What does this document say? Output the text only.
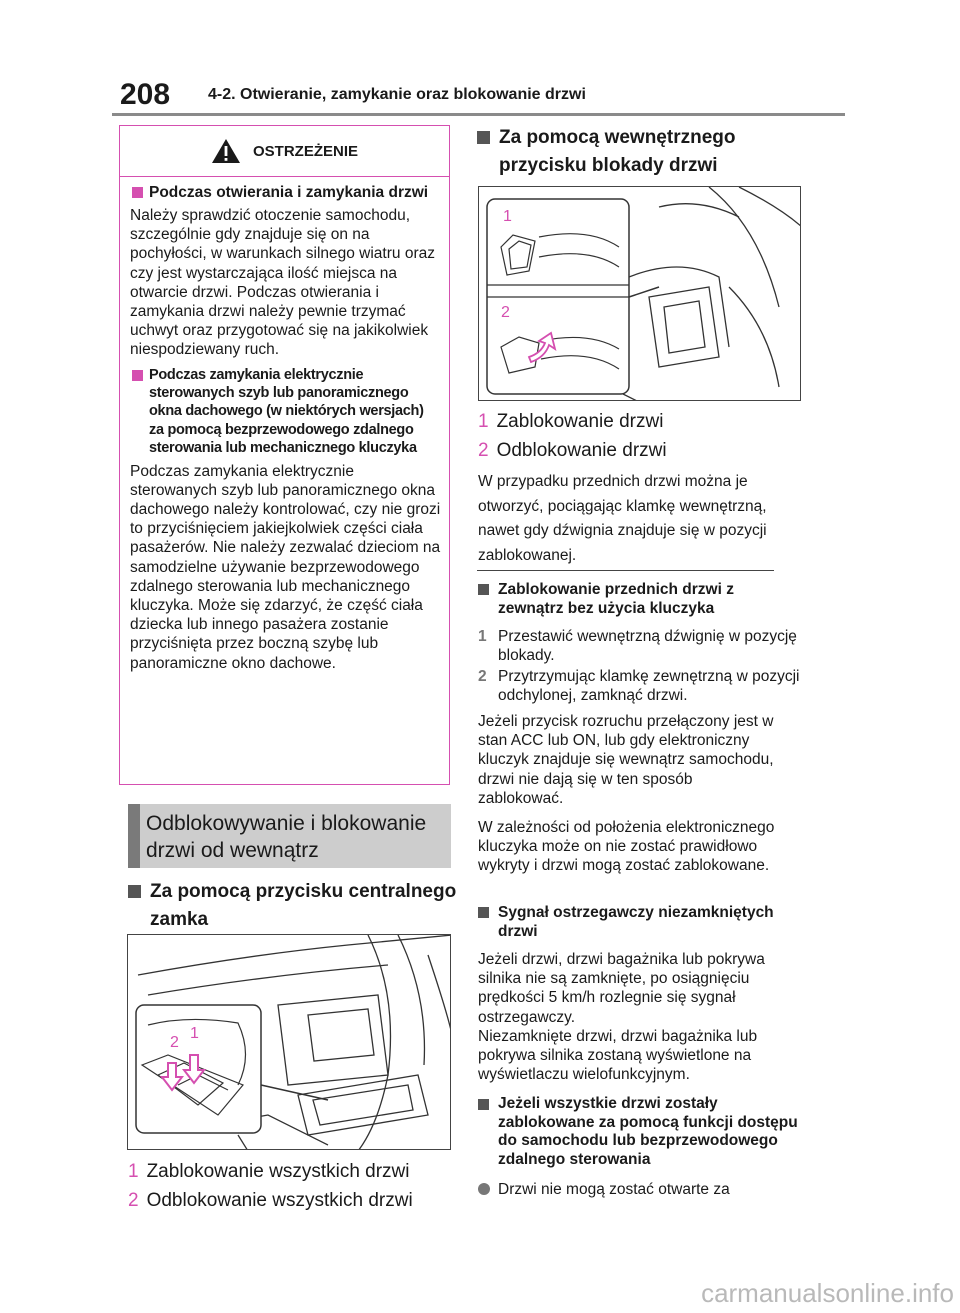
208 4-2. Otwieranie, zamykanie oraz blokowanie drzwi
OSTRZEŻENIE
Podczas otwierania i zamykania drzwi
Należy sprawdzić otoczenie samochodu, szczególnie gdy znajduje się on na pochyłości, w warunkach silnego wiatru oraz czy jest wystarczająca ilość miejsca na otwarcie drzwi. Podczas otwierania i zamykania drzwi należy pewnie trzymać uchwyt oraz przygotować się na jakikolwiek niespodziewany ruch.
Podczas zamykania elektrycznie sterowanych szyb lub panoramicznego okna dachowego (w niektórych wersjach) za pomocą bezprzewodowego zdalnego sterowania lub mechanicznego kluczyka
Podczas zamykania elektrycznie sterowanych szyb lub panoramicznego okna dachowego należy kontrolować, czy nie grozi to przyciśnięciem jakiejkolwiek części ciała pasażerów. Nie należy zezwalać dzieciom na samodzielne używanie bezprzewodowego zdalnego sterowania lub mechanicznego kluczyka. Może się zdarzyć, że część ciała dziecka lub innego pasażera zostanie przyciśnięta przez boczną szybę lub panoramiczne okno dachowe.
Odblokowywanie i blokowanie
drzwi od wewnątrz
Za pomocą przycisku centralnego zamka
1
2
1 Zablokowanie wszystkich drzwi
2 Odblokowanie wszystkich drzwi
Za pomocą wewnętrznego przycisku blokady drzwi
1
2
1 Zablokowanie drzwi
2 Odblokowanie drzwi
W przypadku przednich drzwi można je otworzyć, pociągając klamkę wewnętrzną, nawet gdy dźwignia znajduje się w pozycji zablokowanej.
Zablokowanie przednich drzwi z zewnątrz bez użycia kluczyka
1 Przestawić wewnętrzną dźwignię w pozycję blokady.
2 Przytrzymując klamkę zewnętrzną w pozycji odchylonej, zamknąć drzwi.
Jeżeli przycisk rozruchu przełączony jest w stan ACC lub ON, lub gdy elektroniczny kluczyk znajduje się wewnątrz samochodu, drzwi nie dają się w ten sposób zablokować.
W zależności od położenia elektronicznego kluczyka może on nie zostać prawidłowo wykryty i drzwi mogą zostać zablokowane.
Sygnał ostrzegawczy niezamkniętych drzwi
Jeżeli drzwi, drzwi bagażnika lub pokrywa silnika nie są zamknięte, po osiągnięciu prędkości 5 km/h rozlegnie się sygnał ostrzegawczy.
Niezamknięte drzwi, drzwi bagażnika lub pokrywa silnika zostaną wyświetlone na wyświetlaczu wielofunkcyjnym.
Jeżeli wszystkie drzwi zostały zablokowane za pomocą funkcji dostępu do samochodu lub bezprzewodowego zdalnego sterowania
Drzwi nie mogą zostać otwarte za
carmanualsonline.info
